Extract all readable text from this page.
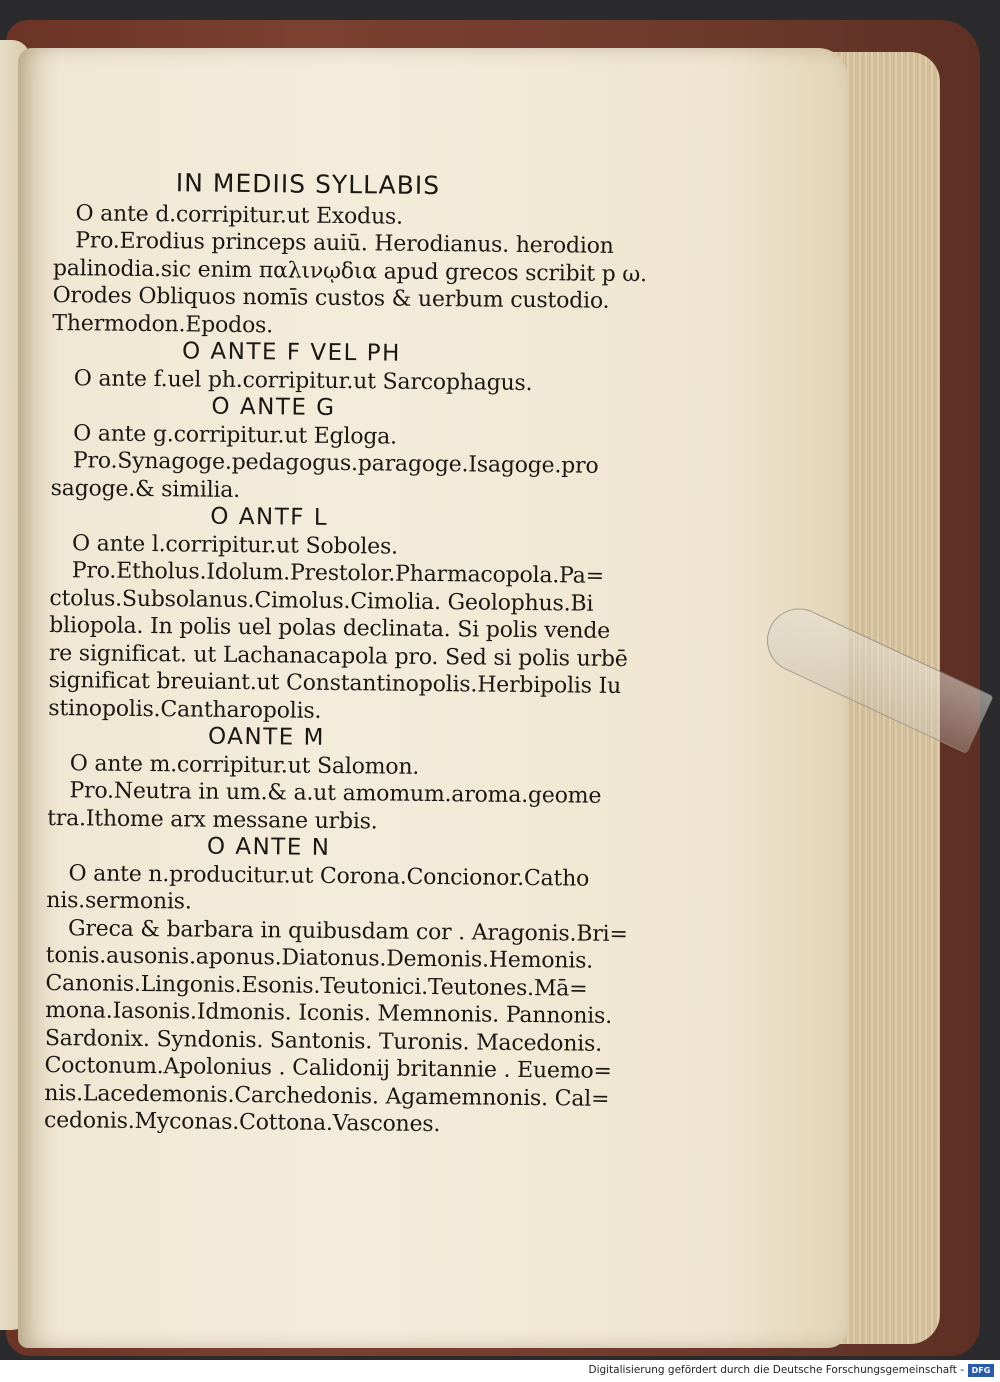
IN MEDIIS SYLLABIS
O ante d.corripitur.ut Exodus.
Pro.Erodius princeps auiū. Herodianus. herodion
palinodia.sic enim παλινῳδια apud grecos scribit p ω.
Orodes Obliquos nomīs custos & uerbum custodio.
Thermodon.Epodos.
O ANTE F VEL PH
O ante f.uel ph.corripitur.ut Sarcophagus.
O ANTE G
O ante g.corripitur.ut Egloga.
Pro.Synagoge.pedagogus.paragoge.Isagoge.pro
sagoge.& similia.
O ANTF L
O ante l.corripitur.ut Soboles.
Pro.Etholus.Idolum.Prestolor.Pharmacopola.Pa=
ctolus.Subsolanus.Cimolus.Cimolia. Geolophus.Bi
bliopola. In polis uel polas declinata. Si polis vende
re significat. ut Lachanacapola pro. Sed si polis urbē
significat breuiant.ut Constantinopolis.Herbipolis Iu
stinopolis.Cantharopolis.
OANTE M
O ante m.corripitur.ut Salomon.
Pro.Neutra in um.& a.ut amomum.aroma.geome
tra.Ithome arx messane urbis.
O ANTE N
O ante n.producitur.ut Corona.Concionor.Catho
nis.sermonis.
Greca & barbara in quibusdam cor . Aragonis.Bri=
tonis.ausonis.aponus.Diatonus.Demonis.Hemonis.
Canonis.Lingonis.Esonis.Teutonici.Teutones.Mā=
mona.Iasonis.Idmonis. Iconis. Memnonis. Pannonis.
Sardonix. Syndonis. Santonis. Turonis. Macedonis.
Coctonum.Apolonius . Calidonij britannie . Euemo=
nis.Lacedemonis.Carchedonis. Agamemnonis. Cal=
cedonis.Myconas.Cottona.Vascones.
Digitalisierung gefördert durch die Deutsche Forschungsgemeinschaft - DFG
